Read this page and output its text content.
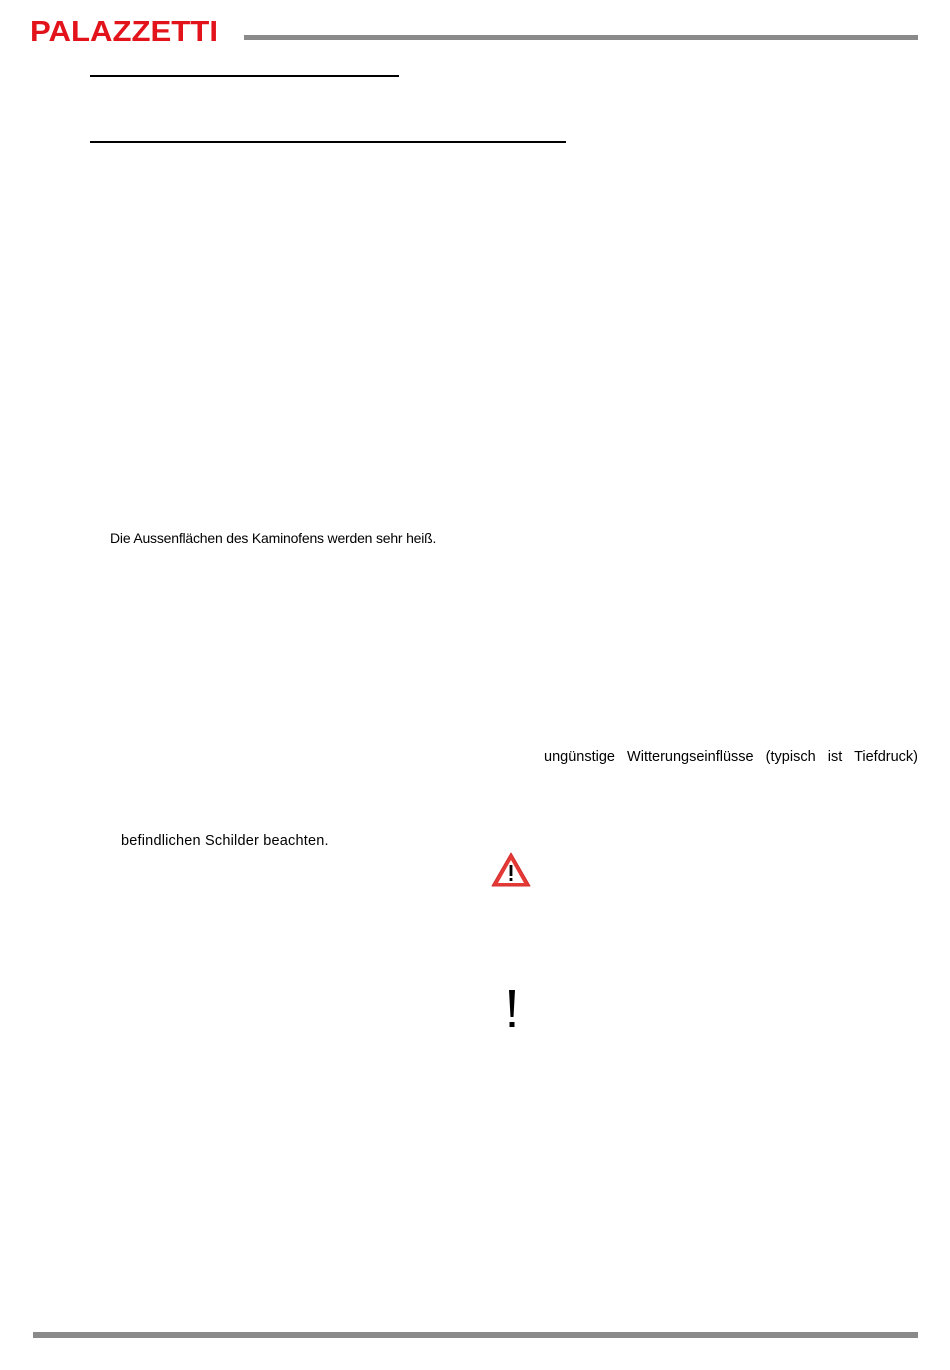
PALAZZETTI
Die Aussenflächen des Kaminofens werden sehr heiß.
ungünstige Witterungseinflüsse (typisch ist Tiefdruck)
befindlichen Schilder beachten.
